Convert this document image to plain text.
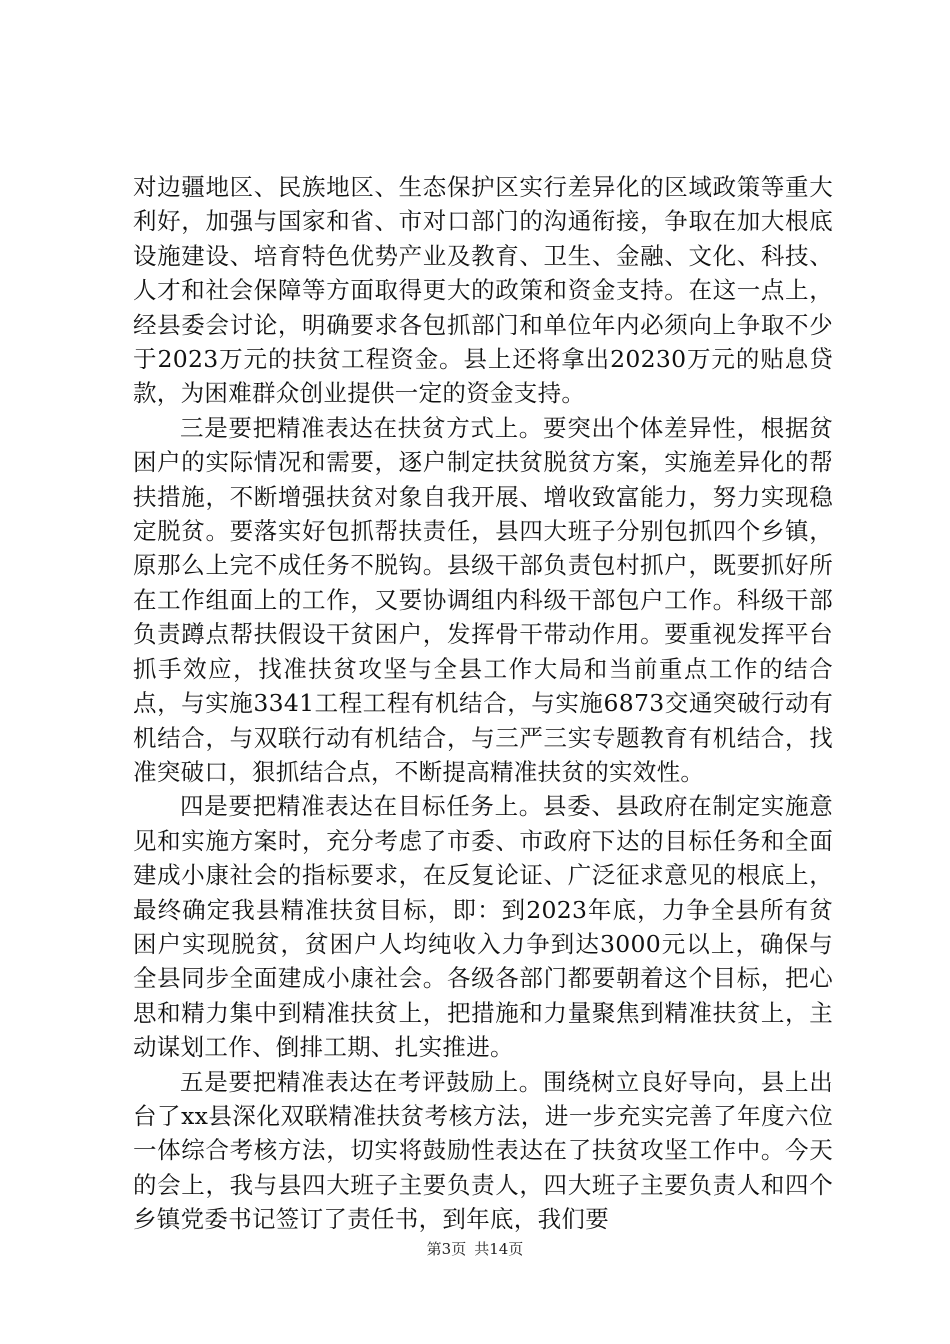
对边疆地区、民族地区、生态保护区实行差异化的区域政策等重大利好，加强与国家和省、市对口部门的沟通衔接，争取在加大根底设施建设、培育特色优势产业及教育、卫生、金融、文化、科技、人才和社会保障等方面取得更大的政策和资金支持。在这一点上，经县委会讨论，明确要求各包抓部门和单位年内必须向上争取不少于2023万元的扶贫工程资金。县上还将拿出20230万元的贴息贷款，为困难群众创业提供一定的资金支持。

三是要把精准表达在扶贫方式上。要突出个体差异性，根据贫困户的实际情况和需要，逐户制定扶贫脱贫方案，实施差异化的帮扶措施，不断增强扶贫对象自我开展、增收致富能力，努力实现稳定脱贫。要落实好包抓帮扶责任，县四大班子分别包抓四个乡镇，原那么上完不成任务不脱钩。县级干部负责包村抓户，既要抓好所在工作组面上的工作，又要协调组内科级干部包户工作。科级干部负责蹲点帮扶假设干贫困户，发挥骨干带动作用。要重视发挥平台抓手效应，找准扶贫攻坚与全县工作大局和当前重点工作的结合点，与实施3341工程工程有机结合，与实施6873交通突破行动有机结合，与双联行动有机结合，与三严三实专题教育有机结合，找准突破口，狠抓结合点，不断提高精准扶贫的实效性。

四是要把精准表达在目标任务上。县委、县政府在制定实施意见和实施方案时，充分考虑了市委、市政府下达的目标任务和全面建成小康社会的指标要求，在反复论证、广泛征求意见的根底上，最终确定我县精准扶贫目标，即：到2023年底，力争全县所有贫困户实现脱贫，贫困户人均纯收入力争到达3000元以上，确保与全县同步全面建成小康社会。各级各部门都要朝着这个目标，把心思和精力集中到精准扶贫上，把措施和力量聚焦到精准扶贫上，主动谋划工作、倒排工期、扎实推进。

五是要把精准表达在考评鼓励上。围绕树立良好导向，县上出台了xx县深化双联精准扶贫考核方法，进一步充实完善了年度六位一体综合考核方法，切实将鼓励性表达在了扶贫攻坚工作中。今天的会上，我与县四大班子主要负责人，四大班子主要负责人和四个乡镇党委书记签订了责任书，到年底，我们要

第3页 共14页
